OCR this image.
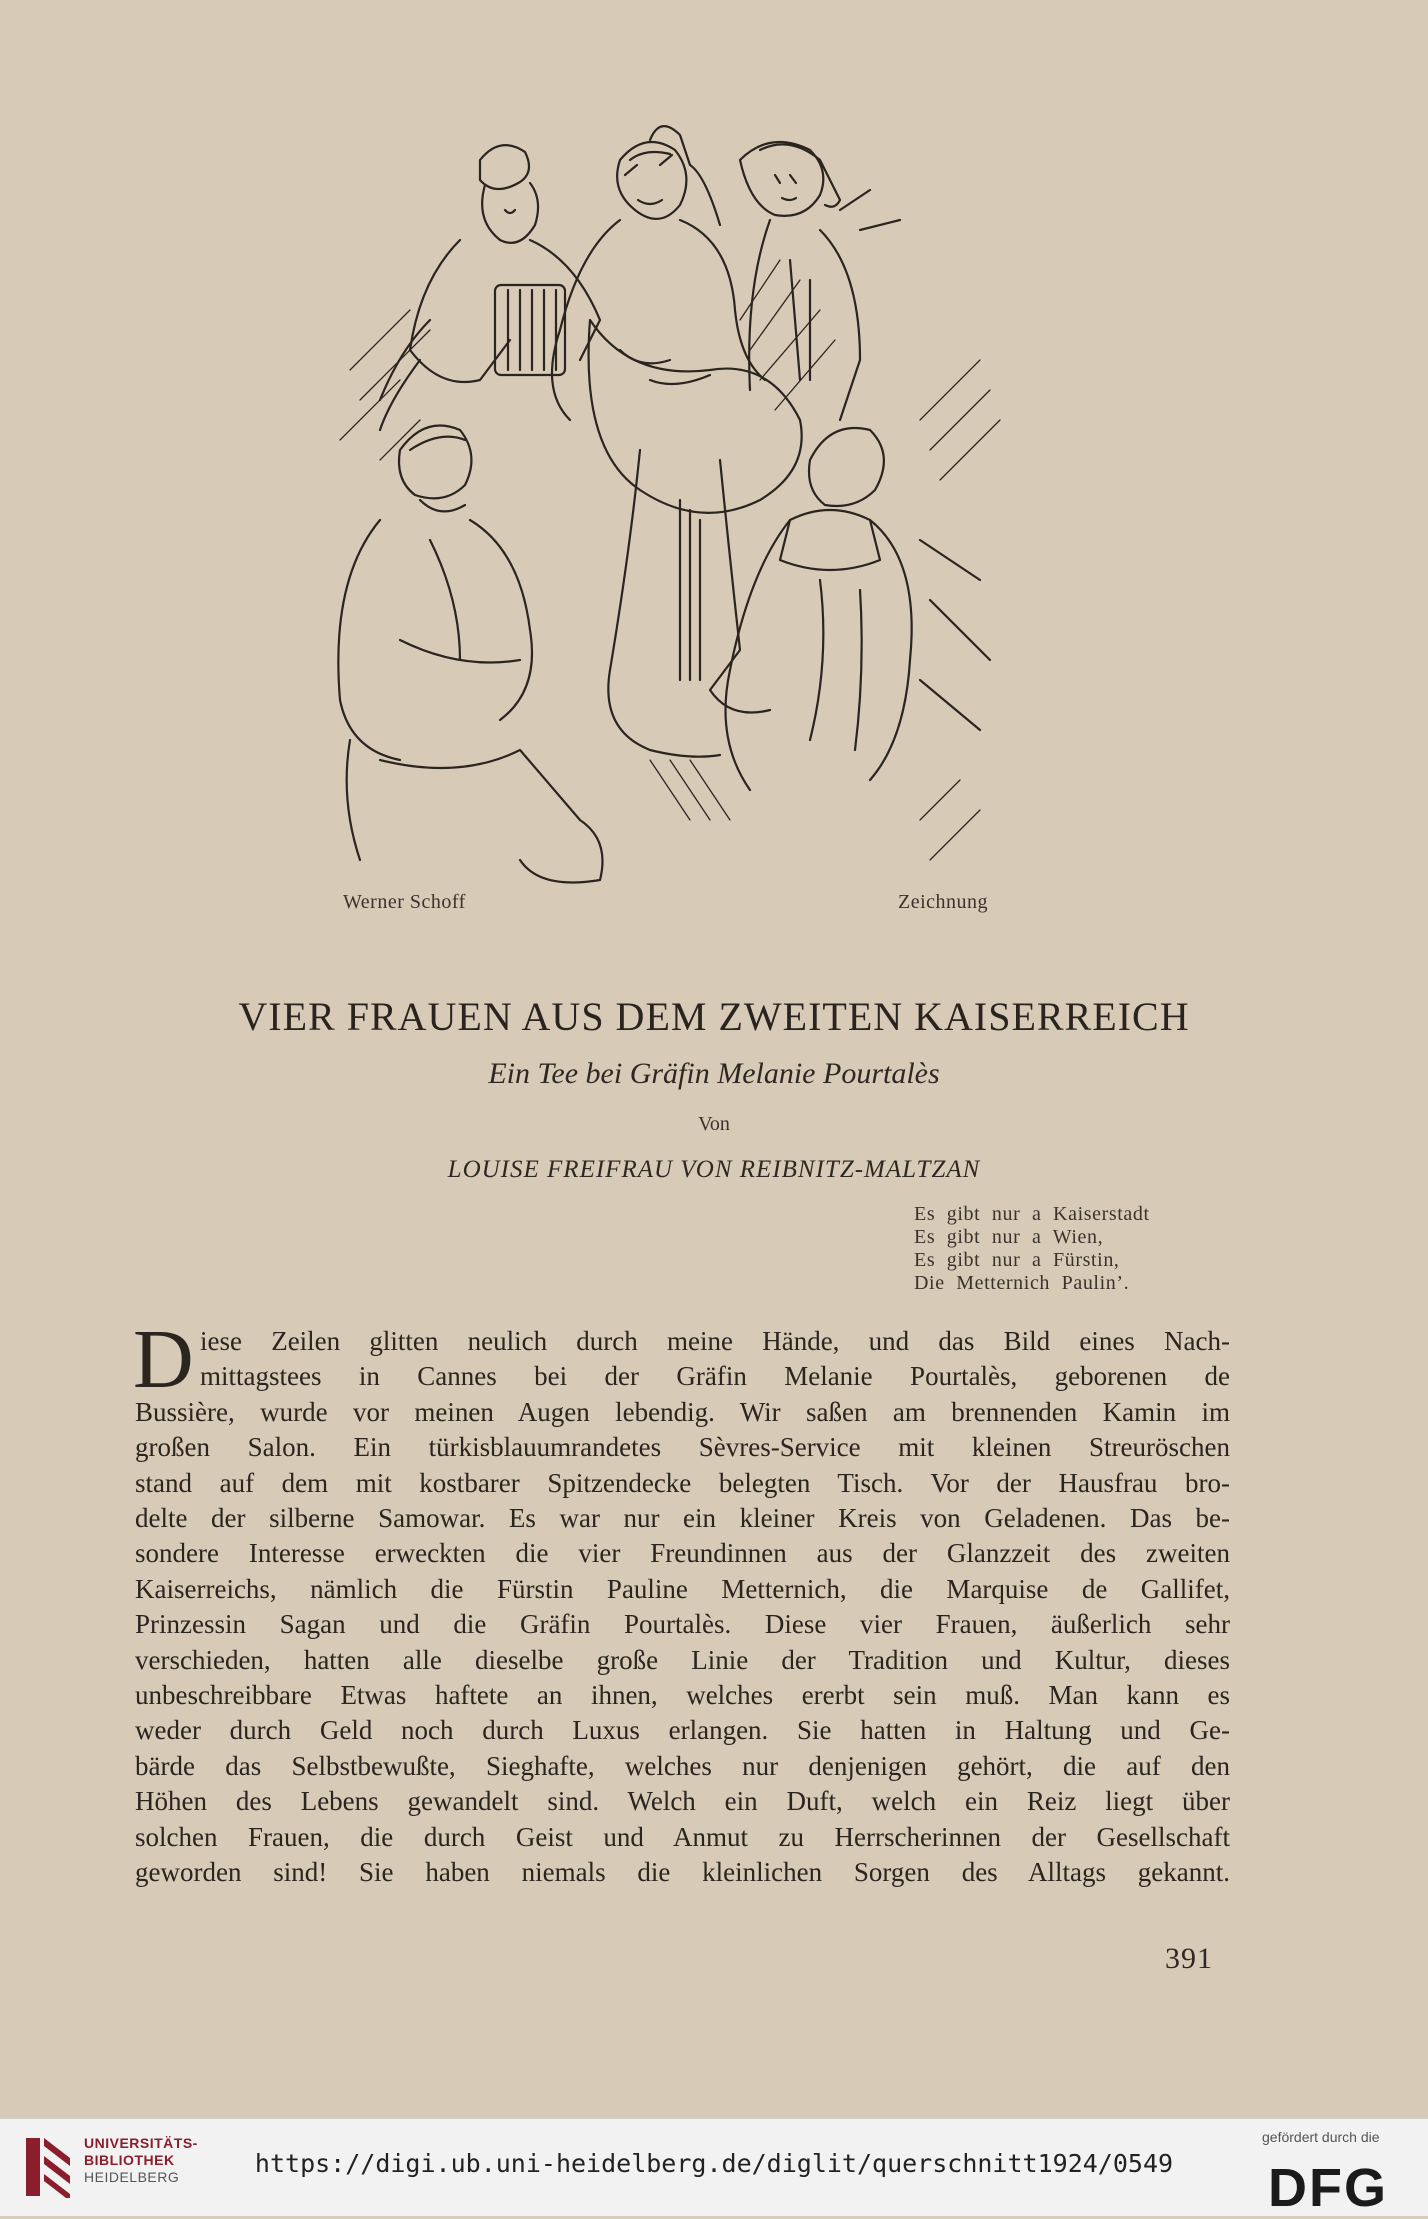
Werner Schoff	Zeichnung
VIER FRAUEN AUS DEM ZWEITEN KAISERREICH
Ein Tee bei Gräfin Melanie Pourtalès
Von
LOUISE FREIFRAU VON REIBNITZ-MALTZAN
Es gibt nur a Kaiserstadt
Es gibt nur a Wien,
Es gibt nur a Fürstin,
Die Metternich Paulin’.
D iese Zeilen glitten neulich durch meine Hände, und das Bild eines Nach-
mittagstees in Cannes bei der Gräfin Melanie Pourtalès, geborenen de
Bussière, wurde vor meinen Augen lebendig. Wir saßen am brennenden Kamin im
großen Salon. Ein türkisblauumrandetes Sèvres-Service mit kleinen Streuröschen
stand auf dem mit kostbarer Spitzendecke belegten Tisch. Vor der Hausfrau bro-
delte der silberne Samowar. Es war nur ein kleiner Kreis von Geladenen. Das be-
sondere Interesse erweckten die vier Freundinnen aus der Glanzzeit des zweiten
Kaiserreichs, nämlich die Fürstin Pauline Metternich, die Marquise de Gallifet,
Prinzessin Sagan und die Gräfin Pourtalès. Diese vier Frauen, äußerlich sehr
verschieden, hatten alle dieselbe große Linie der Tradition und Kultur, dieses
unbeschreibbare Etwas haftete an ihnen, welches ererbt sein muß. Man kann es
weder durch Geld noch durch Luxus erlangen. Sie hatten in Haltung und Ge-
bärde das Selbstbewußte, Sieghafte, welches nur denjenigen gehört, die auf den
Höhen des Lebens gewandelt sind. Welch ein Duft, welch ein Reiz liegt über
solchen Frauen, die durch Geist und Anmut zu Herrscherinnen der Gesellschaft
geworden sind! Sie haben niemals die kleinlichen Sorgen des Alltags gekannt.
391
UNIVERSITÄTS-
BIBLIOTHEK
HEIDELBERG	https://digi.ub.uni-heidelberg.de/diglit/querschnitt1924/0549
gefördert durch die
DFG
